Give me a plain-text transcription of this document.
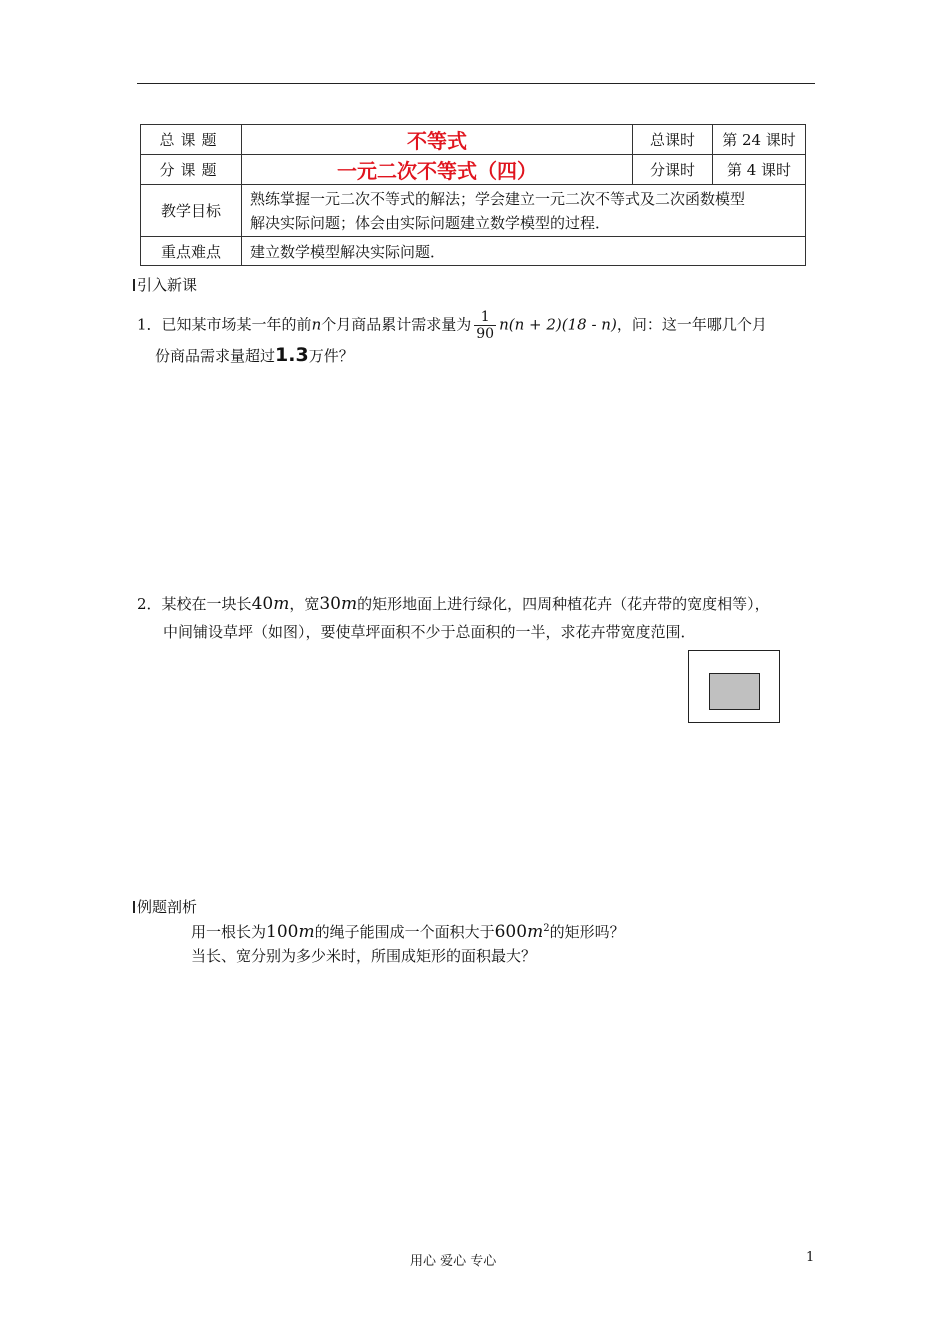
总课题	不等式	总课时	第 24 课时
分课题	一元二次不等式（四）	分课时	第 4 课时
教学目标	熟练掌握一元二次不等式的解法；学会建立一元二次不等式及二次函数模型
解决实际问题；体会由实际问题建立数学模型的过程．		
重点难点	建立数学模型解决实际问题．		
引入新课
1．已知某市场某一年的前n个月商品累计需求量为 $\frac{1}{90} n(n + 2)(18 - n)$，问：这一年哪几个月
份商品需求量超过1.3万件？
2．某校在一块长40m，宽30m的矩形地面上进行绿化，四周种植花卉（花卉带的宽度相等），
中间铺设草坪（如图），要使草坪面积不少于总面积的一半，求花卉带宽度范围．
例题剖析
用一根长为100m的绳子能围成一个面积大于$600m^2$的矩形吗？
当长、宽分别为多少米时，所围成矩形的面积最大？
用心 爱心 专心	1
